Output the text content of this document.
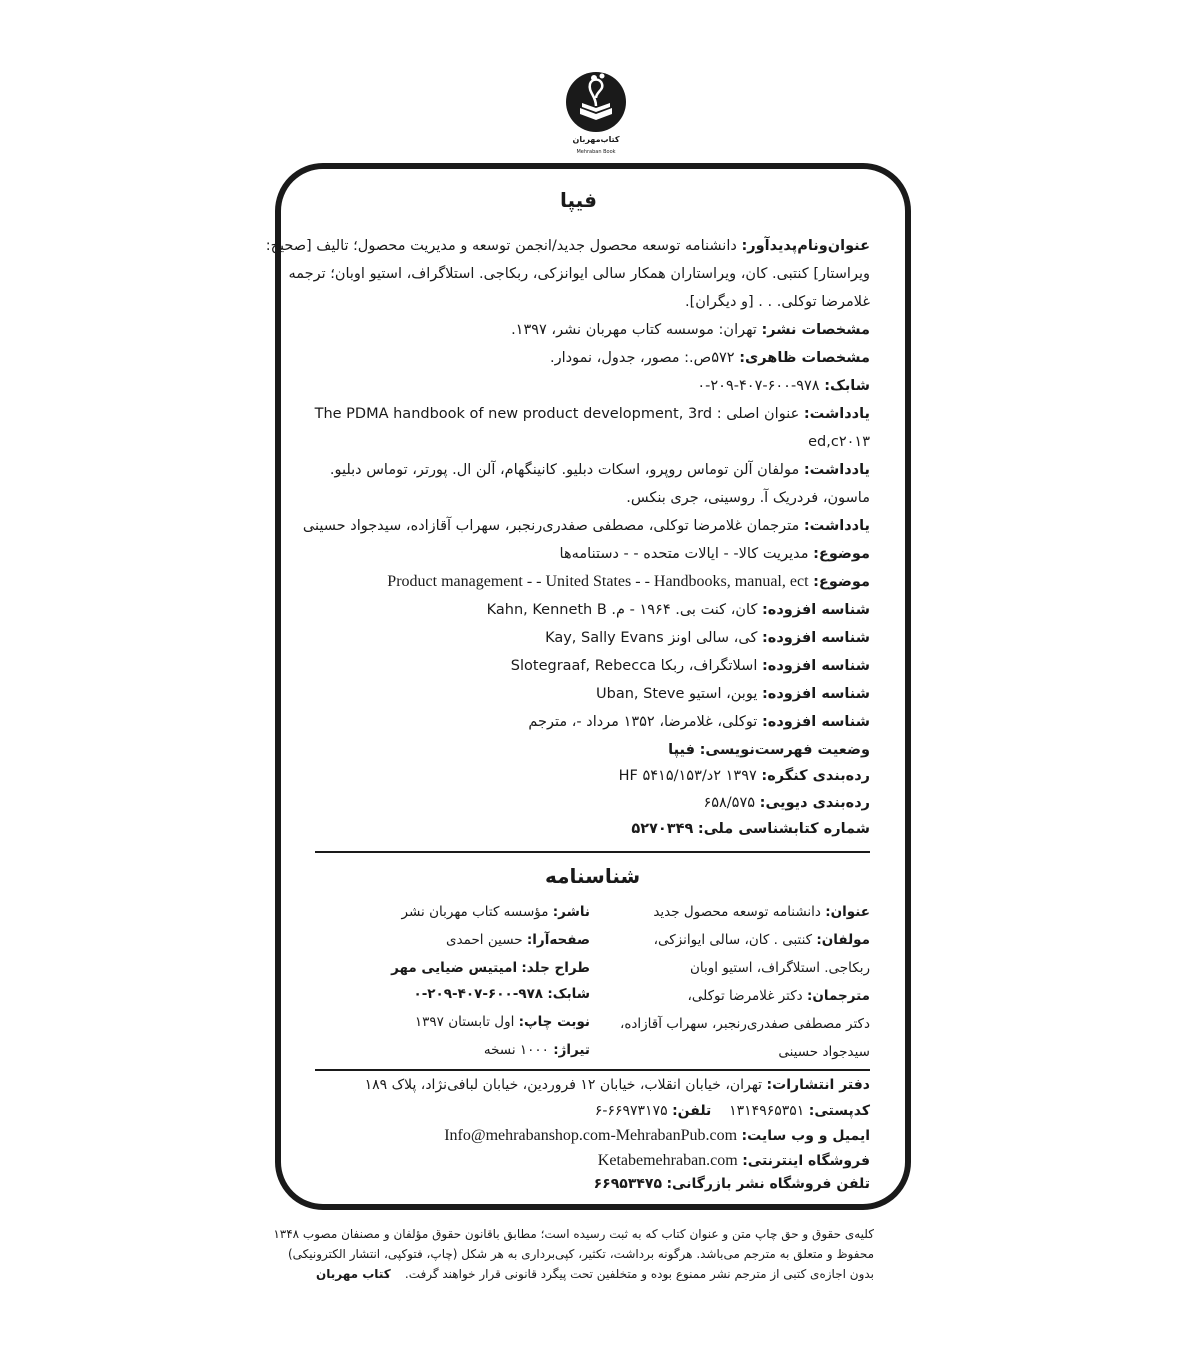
کتاب‌مهربان
Mehraban Book
فیپا
عنوان‌ونام‌پدیدآور: دانشنامه توسعه محصول جدید/انجمن توسعه و مدیریت محصول؛ تالیف [صحیح:
ویراستار] کنتبی. کان، ویراستاران همکار سالی ایوانزکی، ربکاجی. استلاگراف، استیو اوبان؛ ترجمه
غلامرضا توکلی. . . [و دیگران].
مشخصات نشر: تهران: موسسه کتاب مهربان نشر، ۱۳۹۷.
مشخصات ظاهری: ۵۷۲ص.: مصور، جدول، نمودار.
شابک: ۹۷۸-۶۰۰-۴۰۷-۲۰۹-۰
یادداشت: عنوان اصلی : The PDMA handbook of new product development, 3rd
ed,c۲۰۱۳
یادداشت: مولفان آلن توماس روپرو، اسکات دبلیو. کانینگهام، آلن ال. پورتر، توماس دبلیو.
ماسون، فردریک آ. روسینی، جری بنکس.
یادداشت: مترجمان غلامرضا توکلی، مصطفی صفدری‌رنجبر، سهراب آقازاده، سیدجواد حسینی
موضوع: مدیریت کالا- - ایالات متحده - - دستنامه‌ها
موضوع: Product management - - United States - - Handbooks, manual, ect
شناسه افزوده: کان، کنت بی. ۱۹۶۴ - م. Kahn, Kenneth B
شناسه افزوده: کی، سالی اونز Kay, Sally Evans
شناسه افزوده: اسلاتگراف، ربکا Slotegraaf, Rebecca
شناسه افزوده: یوبن، استیو Uban, Steve
شناسه افزوده: توکلی، غلامرضا، ۱۳۵۲ مرداد -، مترجم
وضعیت فهرست‌نویسی: فیپا
رده‌بندی کنگره: ۱۳۹۷ ۲د/۵۴۱۵/۱۵۳ HF
رده‌بندی دیویی: ۶۵۸/۵۷۵
شماره کتابشناسی ملی: ۵۲۷۰۳۴۹
شناسنامه
عنوان: دانشنامه توسعه محصول جدید
مولفان: کنتبی . کان، سالی ایوانزکی،
ربکاجی. استلاگراف، استیو اوبان
مترجمان: دکتر غلامرضا توکلی،
دکتر مصطفی صفدری‌رنجبر، سهراب آقازاده،
سیدجواد حسینی
ناشر: مؤسسه کتاب مهربان نشر
صفحه‌آرا: حسین احمدی
طراح جلد: امیتیس ضیایی مهر
شابک: ۹۷۸-۶۰۰-۴۰۷-۲۰۹-۰
نوبت چاپ: اول تابستان ۱۳۹۷
تیراژ: ۱۰۰۰ نسخه
دفتر انتشارات: تهران، خیابان انقلاب، خیابان ۱۲ فروردین، خیابان لبافی‌نژاد، پلاک ۱۸۹
کدپستی: ۱۳۱۴۹۶۵۳۵۱    تلفن: ۶۶۹۷۳۱۷۵-۶
ایمیل و وب سایت: Info@mehrabanshop.com-MehrabanPub.com
فروشگاه اینترنتی: Ketabemehraban.com
تلفن فروشگاه نشر بازرگانی: ۶۶۹۵۳۴۷۵
کلیه‌ی حقوق و حق چاپ متن و عنوان کتاب که به ثبت رسیده است؛ مطابق باقانون حقوق مؤلفان و مصنفان مصوب ۱۳۴۸
محفوظ و متعلق به مترجم می‌باشد. هرگونه برداشت، تکثیر، کپی‌برداری به هر شکل (چاپ، فتوکپی، انتشار الکترونیکی)
بدون اجازه‌ی کتبی از مترجم نشر ممنوع بوده و متخلفین تحت پیگرد قانونی قرار خواهند گرفت.
کتاب مهربان
